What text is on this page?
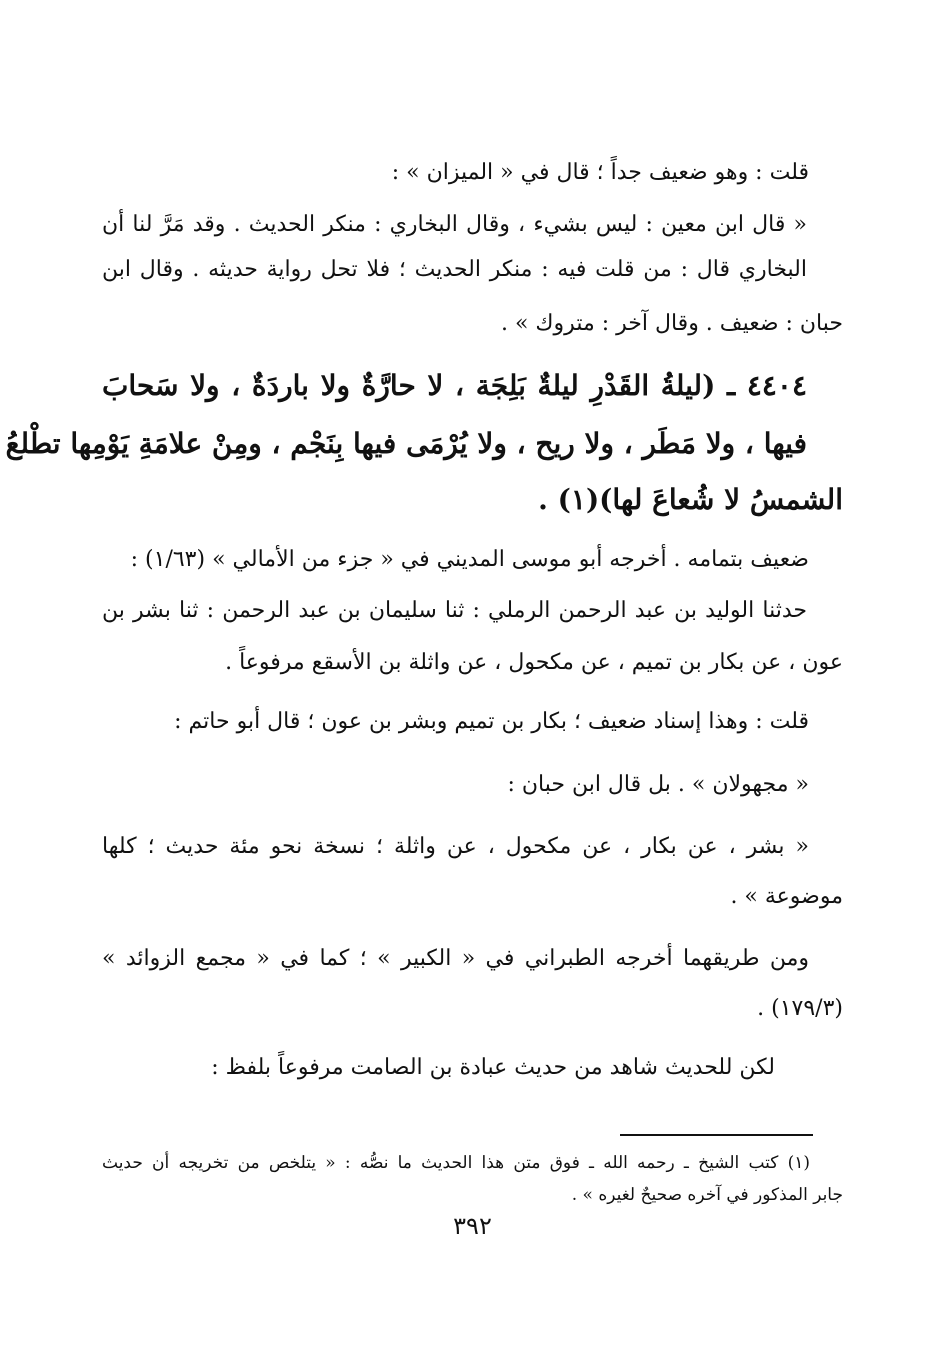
قلت : وهو ضعيف جداً ؛ قال في « الميزان » :
« قال ابن معين : ليس بشيء ، وقال البخاري : منكر الحديث . وقد مَرَّ لنا أن
البخاري قال : من قلت فيه : منكر الحديث ؛ فلا تحل رواية حديثه . وقال ابن
حبان : ضعيف . وقال آخر : متروك » .
٤٤٠٤ ـ (ليلةُ القَدْرِ ليلةٌ بَلِجَة ، لا حارَّةٌ ولا باردَةٌ ، ولا سَحابَ
فيها ، ولا مَطَر ، ولا ريح ، ولا يُرْمَى فيها بِنَجْم ، ومِنْ علامَةِ يَوْمِها تطْلعُ
الشمسُ لا شُعاعَ لها)(١) .
ضعيف بتمامه . أخرجه أبو موسى المديني في « جزء من الأمالي » (١/٦٣) :
حدثنا الوليد بن عبد الرحمن الرملي : ثنا سليمان بن عبد الرحمن : ثنا بشر بن
عون ، عن بكار بن تميم ، عن مكحول ، عن واثلة بن الأسقع مرفوعاً .
قلت : وهذا إسناد ضعيف ؛ بكار بن تميم وبشر بن عون ؛ قال أبو حاتم :
« مجهولان » . بل قال ابن حبان :
« بشر ، عن بكار ، عن مكحول ، عن واثلة ؛ نسخة نحو مئة حديث ؛ كلها
موضوعة » .
ومن طريقهما أخرجه الطبراني في « الكبير » ؛ كما في « مجمع الزوائد »
(١٧٩/٣) .
لكن للحديث شاهد من حديث عبادة بن الصامت مرفوعاً بلفظ :
(١) كتب الشيخ ـ رحمه الله ـ فوق متن هذا الحديث ما نصُّه : « يتلخص من تخريجه أن حديث
جابر المذكور في آخره صحيحٌ لغيره » .
٣٩٢
